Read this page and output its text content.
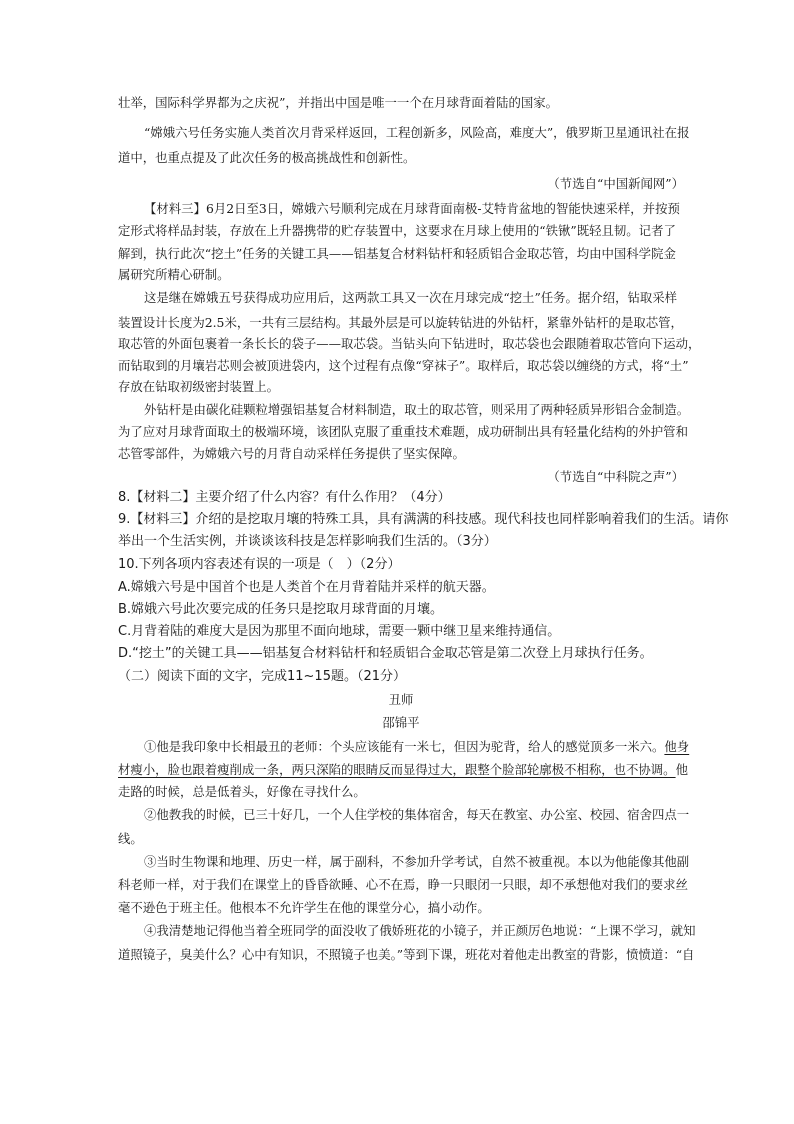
壮举，国际科学界都为之庆祝”，并指出中国是唯一一个在月球背面着陆的国家。
“嫦娥六号任务实施人类首次月背采样返回，工程创新多，风险高，难度大”，俄罗斯卫星通讯社在报
道中，也重点提及了此次任务的极高挑战性和创新性。
（节选自“中国新闻网”）
【材料三】6月2日至3日，嫦娥六号顺利完成在月球背面南极-艾特肯盆地的智能快速采样，并按预
定形式将样品封装，存放在上升器携带的贮存装置中，这要求在月球上使用的“铁锹”既轻且韧。记者了
解到，执行此次“挖土”任务的关键工具——铝基复合材料钻杆和轻质铝合金取芯管，均由中国科学院金
属研究所精心研制。
这是继在嫦娥五号获得成功应用后，这两款工具又一次在月球完成“挖土”任务。据介绍，钻取采样
装置设计长度为2.5米，一共有三层结构。其最外层是可以旋转钻进的外钻杆，紧靠外钻杆的是取芯管，
取芯管的外面包裹着一条长长的袋子——取芯袋。当钻头向下钻进时，取芯袋也会跟随着取芯管向下运动，
而钻取到的月壤岩芯则会被顶进袋内，这个过程有点像“穿袜子”。取样后，取芯袋以缠绕的方式，将“土”
存放在钻取初级密封装置上。
外钻杆是由碳化硅颗粒增强铝基复合材料制造，取土的取芯管，则采用了两种轻质异形铝合金制造。
为了应对月球背面取土的极端环境，该团队克服了重重技术难题，成功研制出具有轻量化结构的外护管和
芯管零部件，为嫦娥六号的月背自动采样任务提供了坚实保障。
（节选自“中科院之声”）
8.【材料二】主要介绍了什么内容？有什么作用？（4分）
9.【材料三】介绍的是挖取月壤的特殊工具，具有满满的科技感。现代科技也同样影响着我们的生活。请你
举出一个生活实例，并谈谈该科技是怎样影响我们生活的。（3分）
10.下列各项内容表述有误的一项是（　）（2分）
A.嫦娥六号是中国首个也是人类首个在月背着陆并采样的航天器。
B.嫦娥六号此次要完成的任务只是挖取月球背面的月壤。
C.月背着陆的难度大是因为那里不面向地球，需要一颗中继卫星来维持通信。
D.“挖土”的关键工具——铝基复合材料钻杆和轻质铝合金取芯管是第二次登上月球执行任务。
（二）阅读下面的文字，完成11~15题。（21分）
丑师
邵锦平
①他是我印象中长相最丑的老师：个头应该能有一米七，但因为驼背，给人的感觉顶多一米六。他身
材瘦小，脸也跟着瘦削成一条，两只深陷的眼睛反而显得过大，跟整个脸部轮廓极不相称，也不协调。他
走路的时候，总是低着头，好像在寻找什么。
②他教我的时候，已三十好几，一个人住学校的集体宿舍，每天在教室、办公室、校园、宿舍四点一
线。
③当时生物课和地理、历史一样，属于副科，不参加升学考试，自然不被重视。本以为他能像其他副
科老师一样，对于我们在课堂上的昏昏欲睡、心不在焉，睁一只眼闭一只眼，却不承想他对我们的要求丝
毫不逊色于班主任。他根本不允许学生在他的课堂分心，搞小动作。
④我清楚地记得他当着全班同学的面没收了俄娇班花的小镜子，并正颜厉色地说：“上课不学习，就知
道照镜子，臭美什么？心中有知识，不照镜子也美。”等到下课，班花对着他走出教室的背影，愤愤道：“自
